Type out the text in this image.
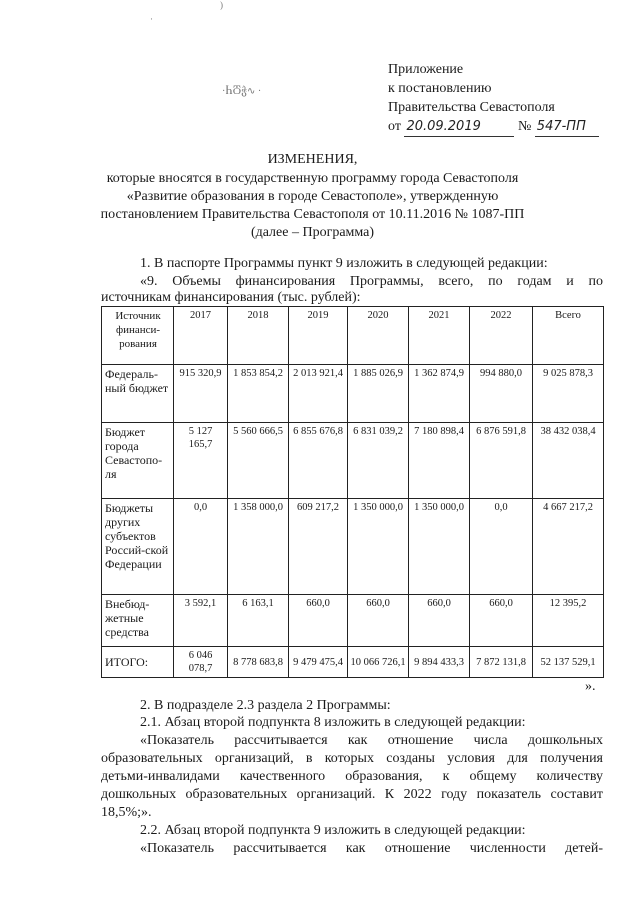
)
·
·ႹႣჭ∿ ·
Приложение
к постановлению
Правительства Севастополя
от 20.09.2019	№ 547-ПП
ИЗМЕНЕНИЯ,
которые вносятся в государственную программу города Севастополя
«Развитие образования в городе Севастополе», утвержденную
постановлением Правительства Севастополя от 10.11.2016 № 1087-ПП
(далее – Программа)
1. В паспорте Программы пункт 9 изложить в следующей редакции:
«9. Объемы финансирования Программы, всего, по годам и по
источникам финансирования (тыс. рублей):
Источник финанси-рования	2017	2018	2019	2020	2021	2022	Всего
Федераль-ный бюджет	915 320,9	1 853 854,2	2 013 921,4	1 885 026,9	1 362 874,9	994 880,0	9 025 878,3
Бюджет города Севастопо-ля	5 127 165,7	5 560 666,5	6 855 676,8	6 831 039,2	7 180 898,4	6 876 591,8	38 432 038,4
Бюджеты других субъектов Россий-ской Федерации	0,0	1 358 000,0	609 217,2	1 350 000,0	1 350 000,0	0,0	4 667 217,2
Внебюд-жетные средства	3 592,1	6 163,1	660,0	660,0	660,0	660,0	12 395,2
ИТОГО:	6 046 078,7	8 778 683,8	9 479 475,4	10 066 726,1	9 894 433,3	7 872 131,8	52 137 529,1
».
2. В подразделе 2.3 раздела 2 Программы:
2.1. Абзац второй подпункта 8 изложить в следующей редакции:
«Показатель рассчитывается как отношение числа дошкольных
образовательных организаций, в которых созданы условия для получения
детьми-инвалидами качественного образования, к общему количеству
дошкольных образовательных организаций. К 2022 году показатель составит
18,5%;».
2.2. Абзац второй подпункта 9 изложить в следующей редакции:
«Показатель рассчитывается как отношение численности детей-
